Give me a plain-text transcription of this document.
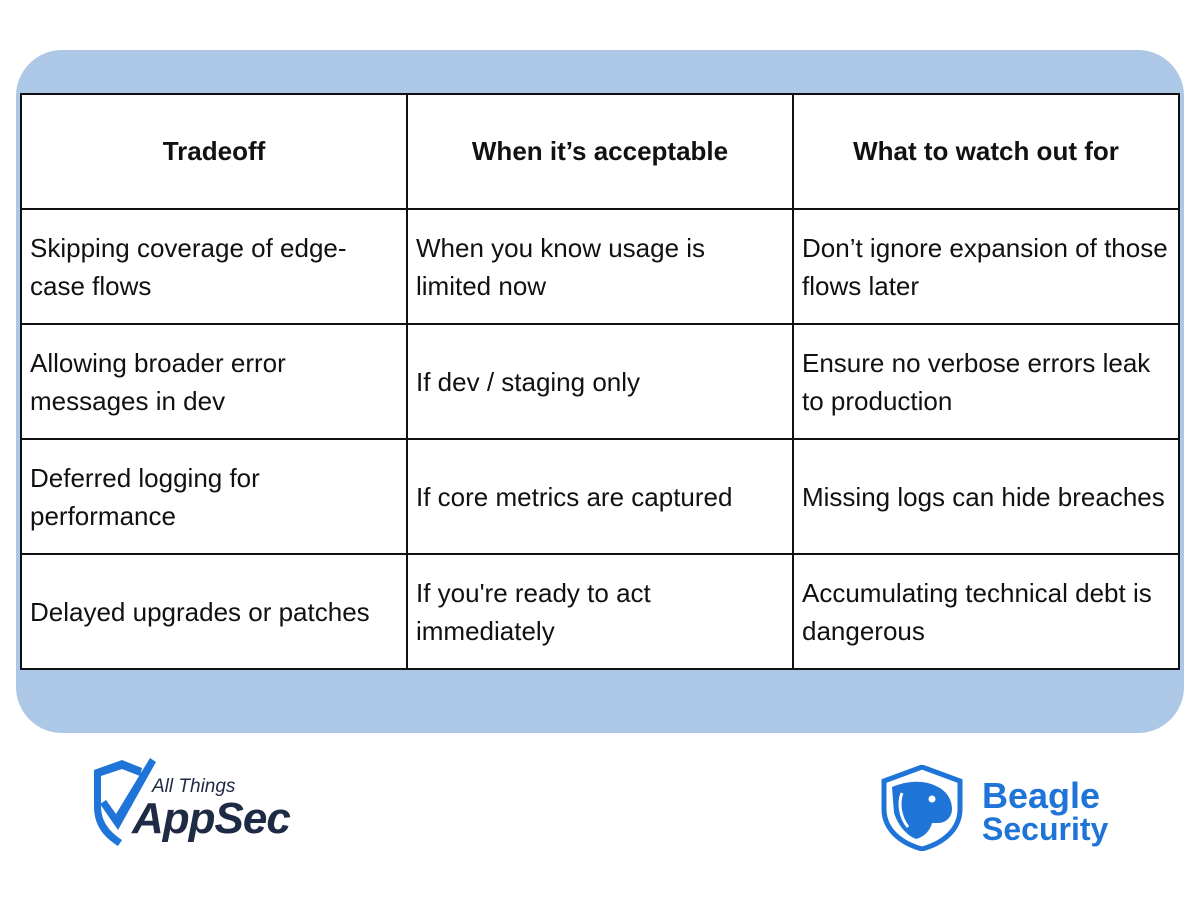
Tradeoff	When it’s acceptable	What to watch out for
Skipping coverage of edge-case flows	When you know usage is limited now	Don’t ignore expansion of those flows later
Allowing broader error messages in dev	If dev / staging only	Ensure no verbose errors leak to production
Deferred logging for performance	If core metrics are captured	Missing logs can hide breaches
Delayed upgrades or patches	If you're ready to act immediately	Accumulating technical debt is dangerous
All Things
AppSec	Beagle
Security
